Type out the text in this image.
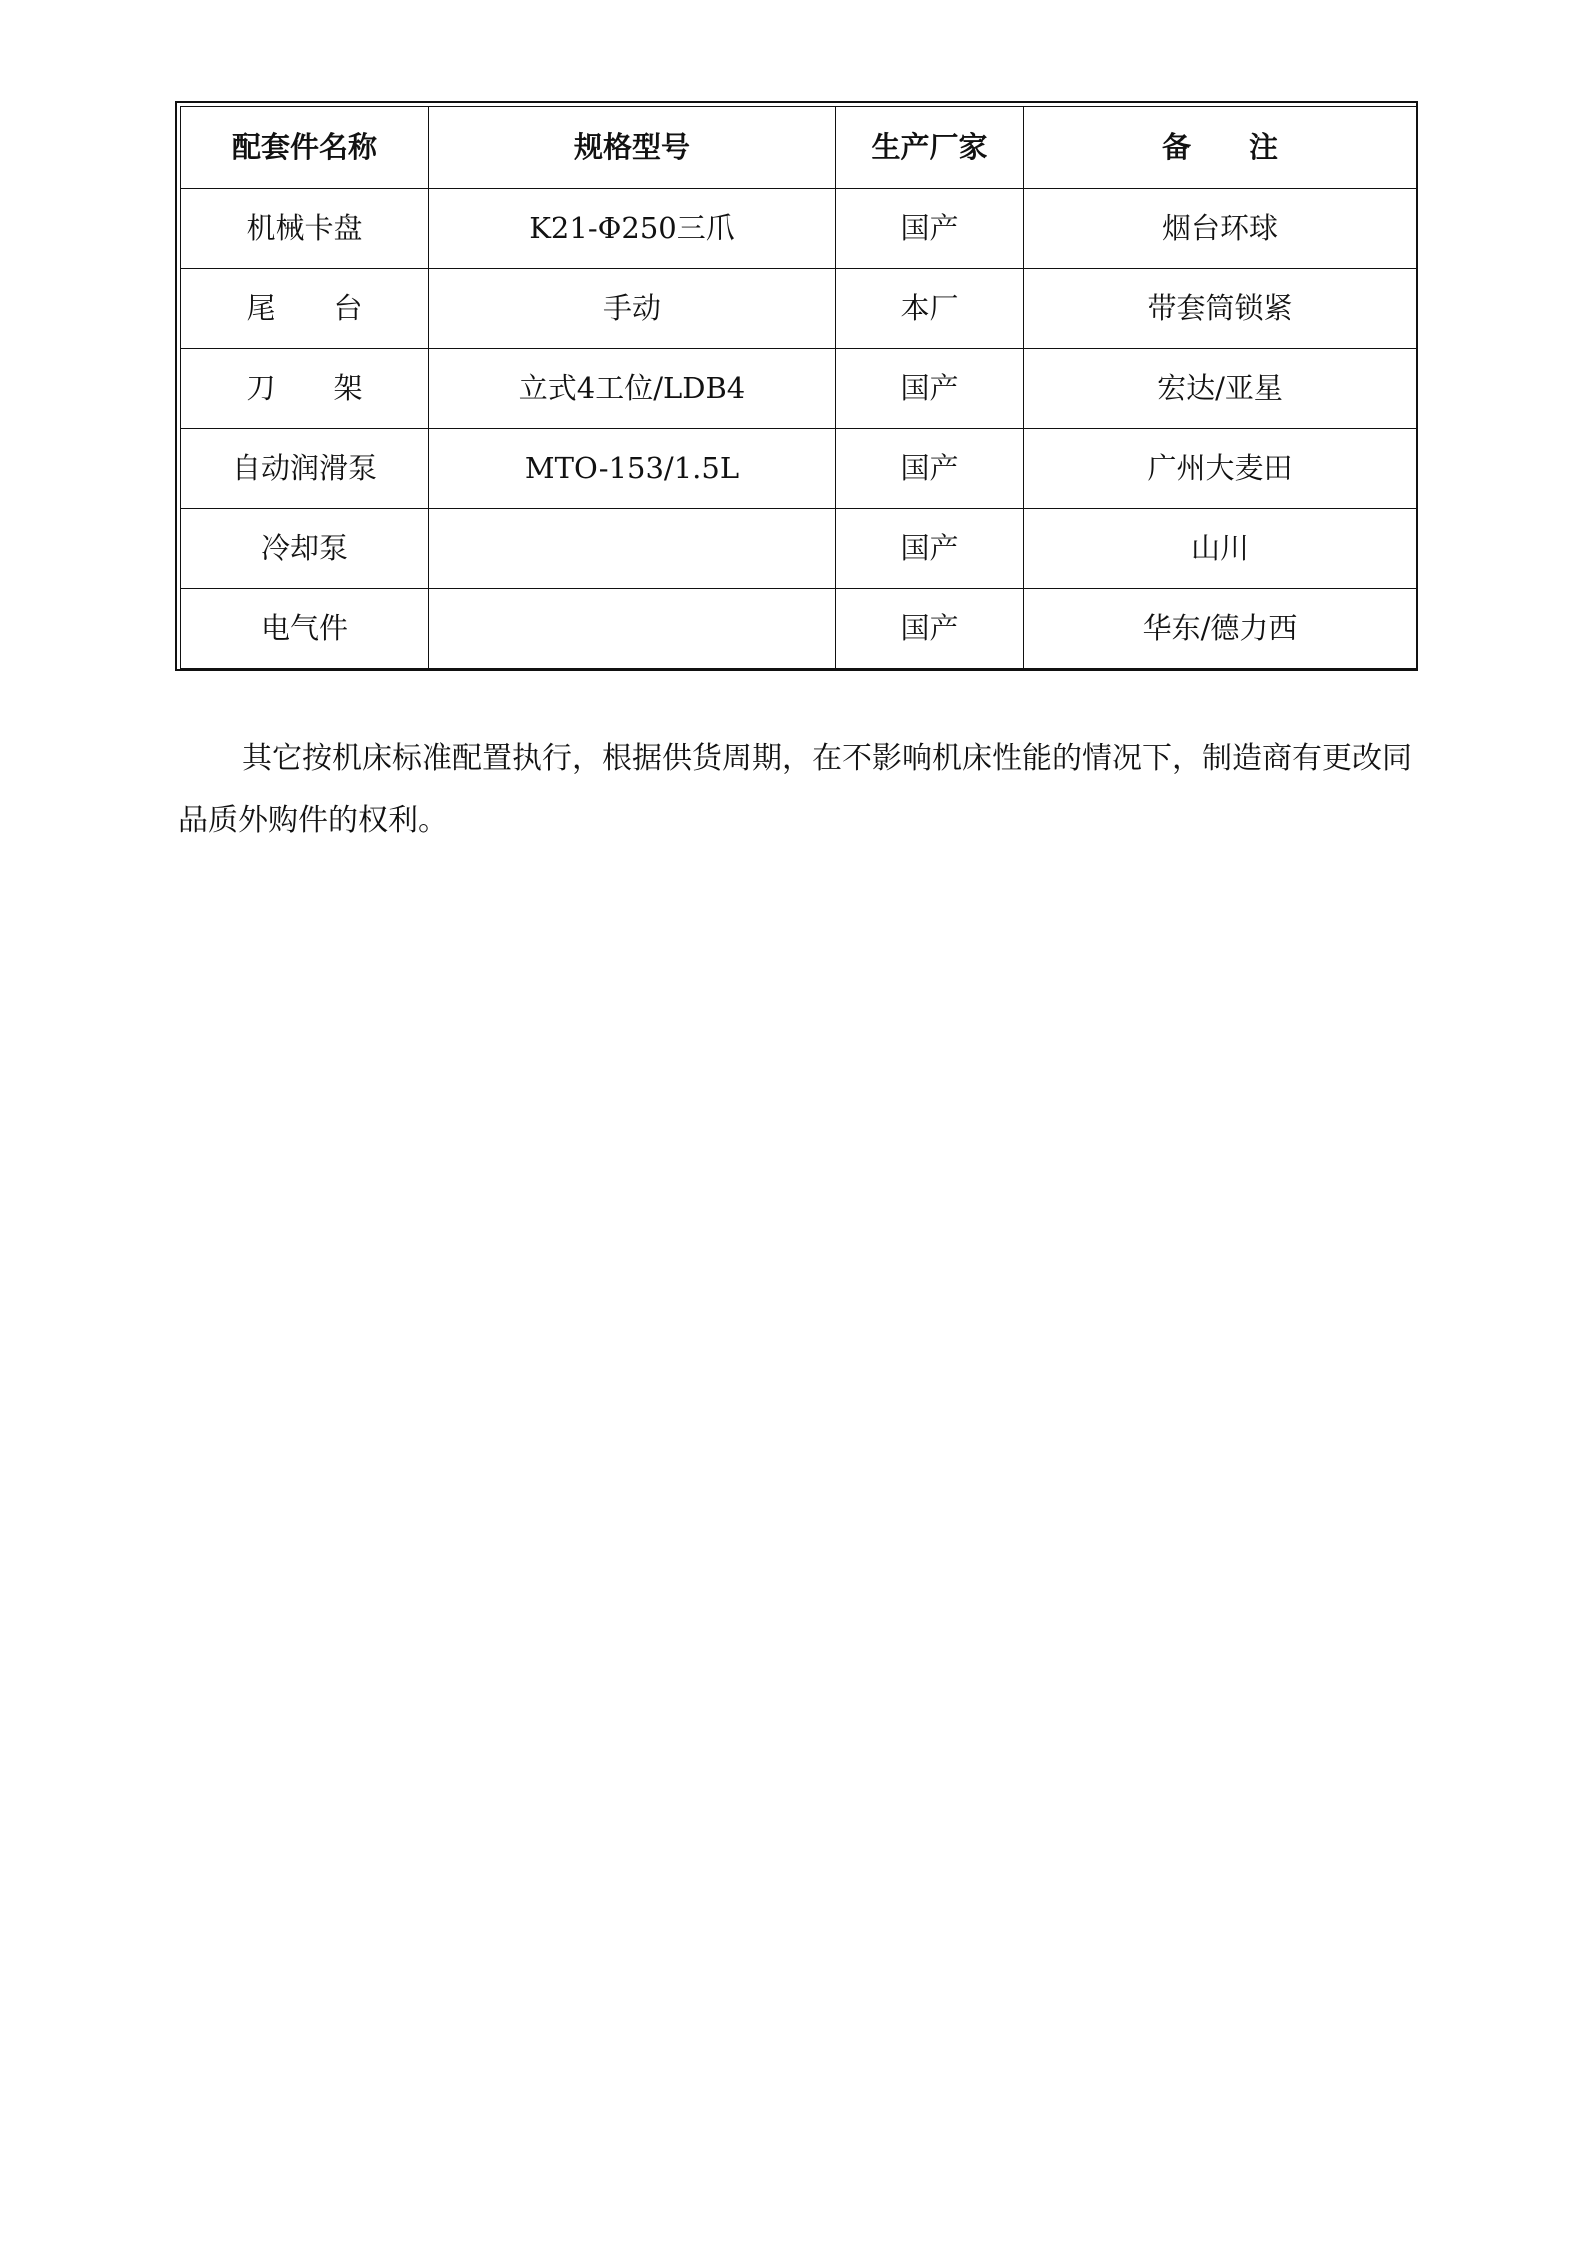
配套件名称	规格型号	生产厂家	备　　注
机械卡盘	K21-Φ250三爪	国产	烟台环球
尾　　台	手动	本厂	带套筒锁紧
刀　　架	立式4工位/LDB4	国产	宏达/亚星
自动润滑泵	MTO-153/1.5L	国产	广州大麦田
冷却泵		国产	山川
电气件		国产	华东/德力西

其它按机床标准配置执行，根据供货周期，在不影响机床性能的情况下，制造商有更改同品质外购件的权利。
